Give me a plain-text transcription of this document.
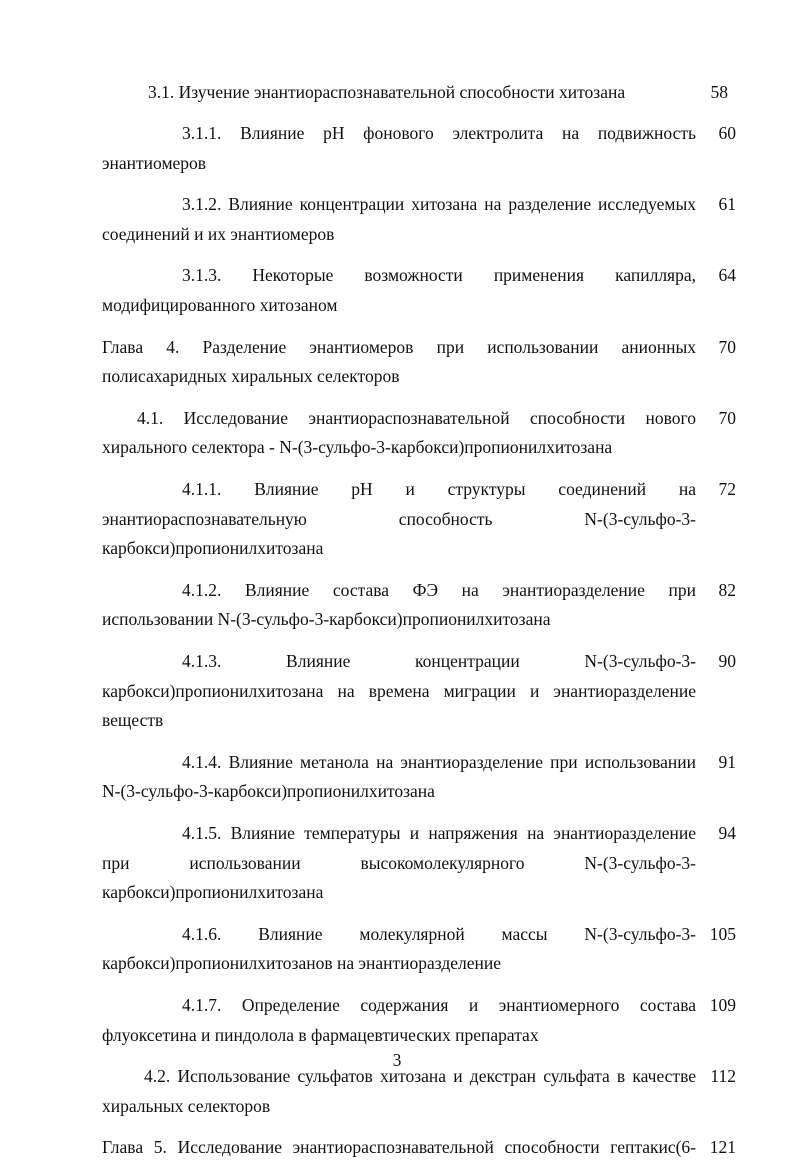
3.1. Изучение энантиораспознавательной способности хитозана	58
3.1.1. Влияние pH фонового электролита на подвижность энантиомеров
60
3.1.2. Влияние концентрации хитозана на разделение исследуемых соединений и их энантиомеров
61
3.1.3. Некоторые возможности применения капилляра, модифицированного хитозаном
64
Глава 4. Разделение энантиомеров при использовании анионных полисахаридных хиральных селекторов
70
4.1. Исследование энантиораспознавательной способности нового хирального селектора - N-(3-сульфо-3-карбокси)пропионилхитозана
70
4.1.1. Влияние pH и структуры соединений на энантиораспознавательную способность N-(3-сульфо-3-карбокси)пропионилхитозана
72
4.1.2. Влияние состава ФЭ на энантиоразделение при использовании N-(3-сульфо-3-карбокси)пропионилхитозана
82
4.1.3.	Влияние концентрации N-(3-сульфо-3-карбокси)пропионилхитозана на времена миграции и энантиоразделение веществ
90
4.1.4. Влияние метанола на энантиоразделение при использовании N-(3-сульфо-3-карбокси)пропионилхитозана
91
4.1.5. Влияние температуры и напряжения на энантиоразделение при использовании высокомолекулярного N-(3-сульфо-3-карбокси)пропионилхитозана
94
4.1.6. Влияние молекулярной массы N-(3-сульфо-3-карбокси)пропионилхитозанов на энантиоразделение
105
4.1.7. Определение содержания и энантиомерного состава флуоксетина и пиндолола в фармацевтических препаратах
109
4.2. Использование сульфатов хитозана и декстран сульфата в качестве хиральных селекторов
112
Глава 5. Исследование энантиораспознавательной способности гептакис(6- 121
3
